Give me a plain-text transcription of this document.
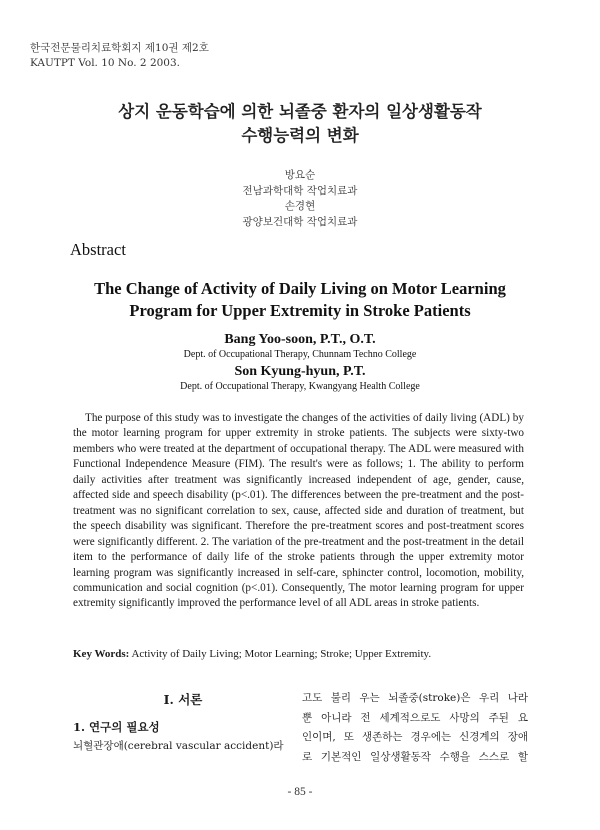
한국전문물리치료학회지 제10권 제2호
KAUTPT Vol. 10 No. 2 2003.
상지 운동학습에 의한 뇌졸중 환자의 일상생활동작
수행능력의 변화
방요순
전남과학대학 작업치료과
손경현
광양보건대학 작업치료과
Abstract
The Change of Activity of Daily Living on Motor Learning
Program for Upper Extremity in Stroke Patients
Bang Yoo-soon, P.T., O.T.
Dept. of Occupational Therapy, Chunnam Techno College
Son Kyung-hyun, P.T.
Dept. of Occupational Therapy, Kwangyang Health College

The purpose of this study was to investigate the changes of the activities of daily living (ADL) by the motor learning program for upper extremity in stroke patients. The subjects were sixty-two members who were treated at the department of occupational therapy. The ADL were measured with Functional Independence Measure (FIM). The result's were as follows; 1. The ability to perform daily activities after treatment was significantly increased independent of age, gender, cause, affected side and speech disability (p<.01). The differences between the pre-treatment and the post-treatment was no significant correlation to sex, cause, affected side and duration of treatment, but the speech disability was significant. Therefore the pre-treatment scores and post-treatment scores were significantly different. 2. The variation of the pre-treatment and the post-treatment in the detail item to the performance of daily life of the stroke patients through the upper extremity motor learning program was significantly increased in self-care, sphincter control, locomotion, mobility, communication and social cognition (p<.01). Consequently, The motor learning program for upper extremity significantly improved the performance level of all ADL areas in stroke patients.

Key Words: Activity of Daily Living; Motor Learning; Stroke; Upper Extremity.
Ⅰ. 서론
1. 연구의 필요성
뇌혈관장애(cerebral vascular accident)라
고도 불리 우는 뇌졸중(stroke)은 우리 나라
뿐 아니라 전 세계적으로도 사망의 주된 요
인이며, 또 생존하는 경우에는 신경계의 장애
로 기본적인 일상생활동작 수행을 스스로 할
- 85 -
